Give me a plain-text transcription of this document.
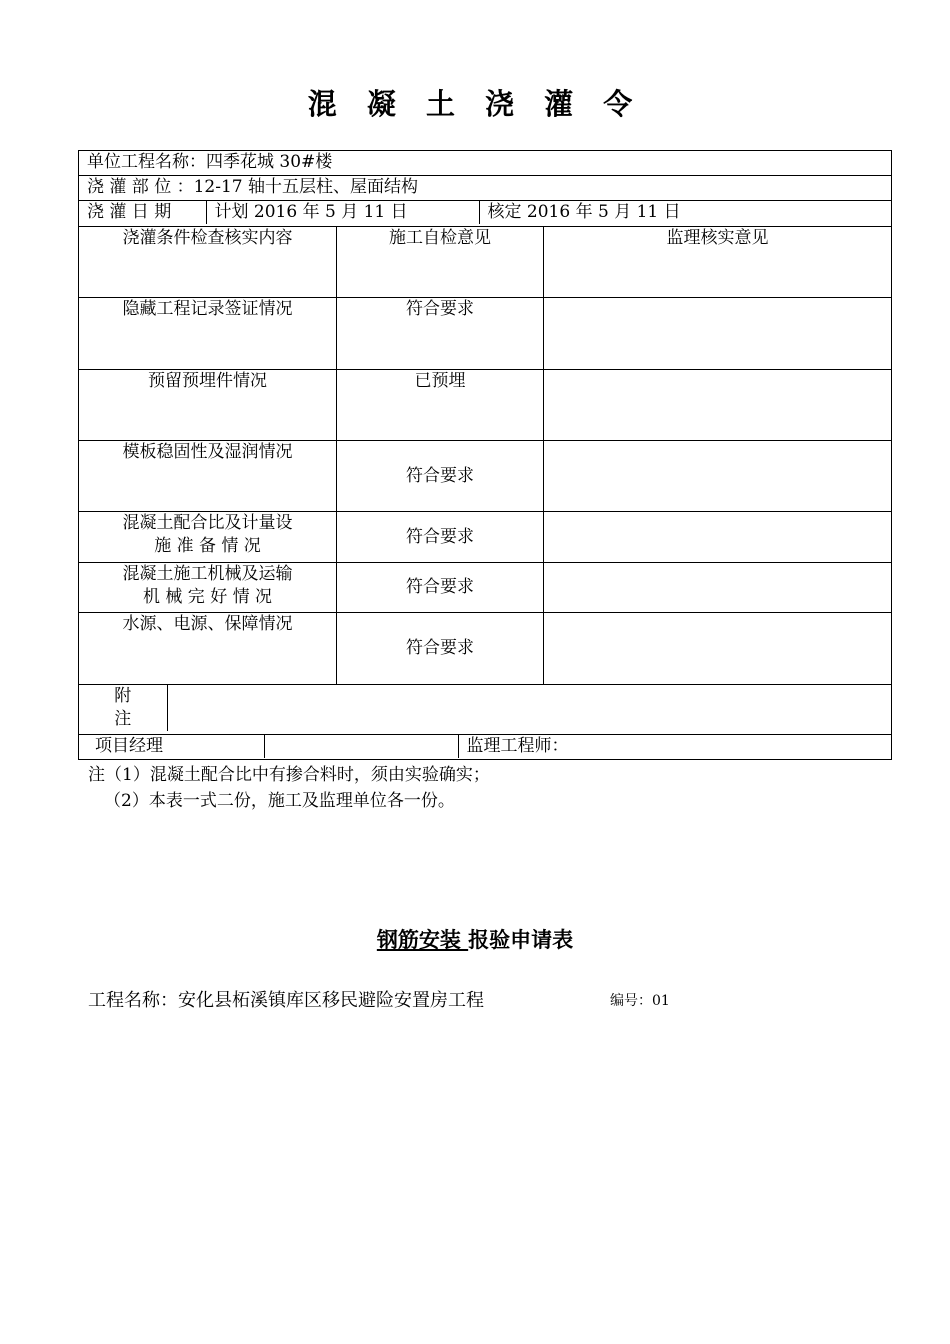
混 凝 土 浇 灌 令
单位工程名称：四季花城 30#楼
浇 灌 部 位 ：12-17 轴十五层柱、屋面结构

浇 灌 日 期	计划 2016 年 5 月 11 日	核定 2016 年 5 月 11 日

浇灌条件检查核实内容	施工自检意见	监理核实意见
隐藏工程记录签证情况	符合要求	
预留预埋件情况	已预埋	
模板稳固性及湿润情况	符合要求	

混凝土配合比及计量设
施 准 备 情 况	符合要求	

混凝土施工机械及运输
机 械 完 好 情 况	符合要求	
水源、电源、保障情况	符合要求	

附
注

项目经理		监理工程师：
注（1）混凝土配合比中有掺合料时，须由实验确实；
（2）本表一式二份，施工及监理单位各一份。
钢筋安装 报验申请表
工程名称：安化县柘溪镇库区移民避险安置房工程	编号：01
